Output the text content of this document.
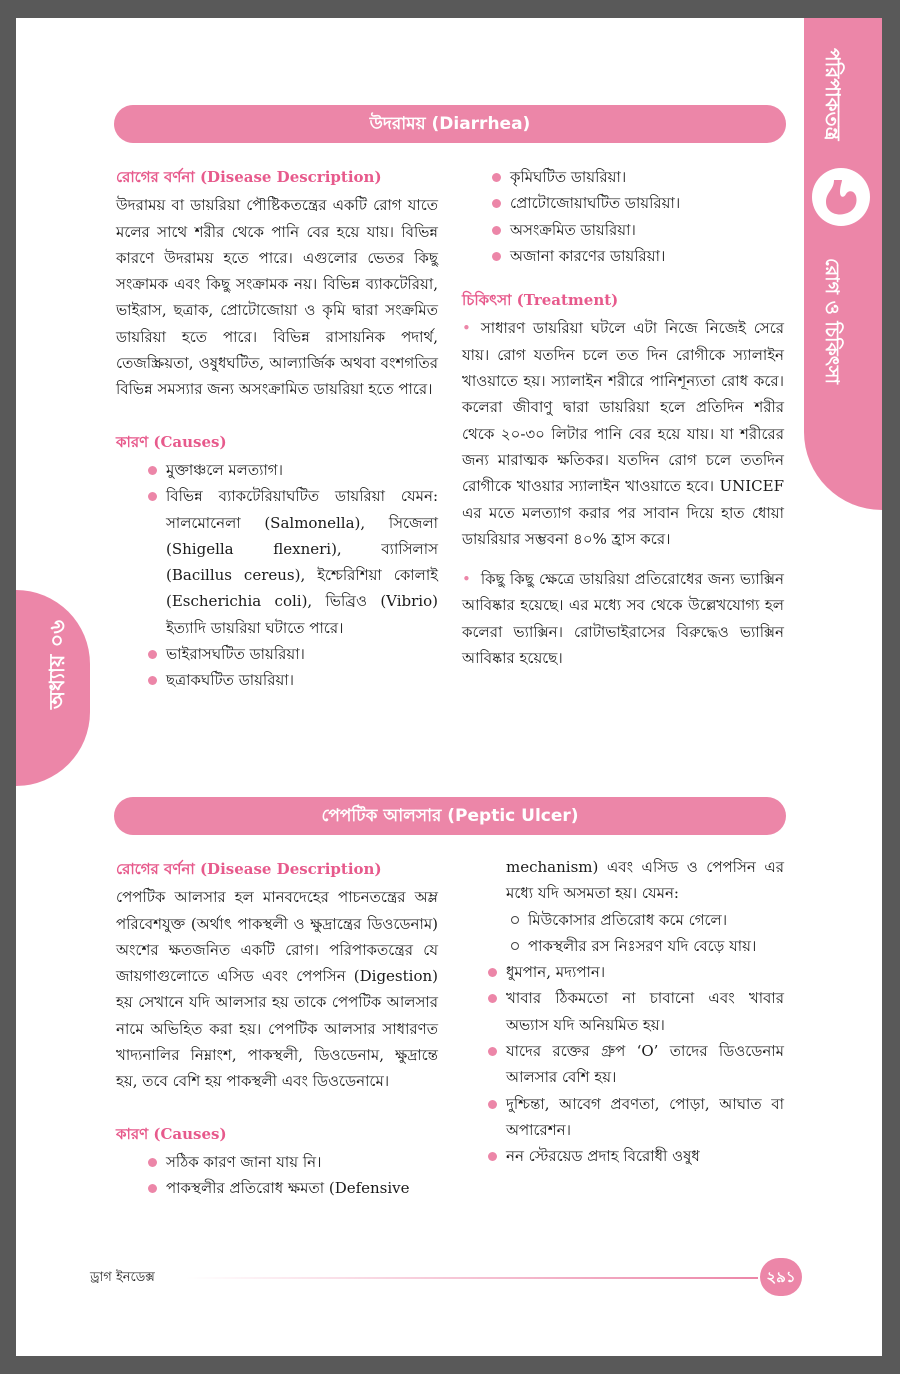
পরিপাকতন্ত্র
রোগ ও চিকিৎসা
অধ্যায় ০৬
উদরাময় (Diarrhea)
রোগের বর্ণনা (Disease Description)

উদরাময় বা ডায়রিয়া পৌষ্টিকতন্ত্রের একটি রোগ যাতে মলের সাথে শরীর থেকে পানি বের হয়ে যায়। বিভিন্ন কারণে উদরাময় হতে পারে। এগুলোর ভেতর কিছু সংক্রামক এবং কিছু সংক্রামক নয়। বিভিন্ন ব্যাকটেরিয়া, ভাইরাস, ছত্রাক, প্রোটোজোয়া ও কৃমি দ্বারা সংক্রমিত ডায়রিয়া হতে পারে। বিভিন্ন রাসায়নিক পদার্থ, তেজস্ক্রিয়তা, ওষুধঘটিত, আল্যার্জিক অথবা বংশগতির বিভিন্ন সমস্যার জন্য অসংক্রামিত ডায়রিয়া হতে পারে।

কারণ (Causes)
মুক্তাঞ্চলে মলত্যাগ।
বিভিন্ন ব্যাকটেরিয়াঘটিত ডায়রিয়া যেমন: সালমোনেলা (Salmonella), সিজেলা (Shigella flexneri), ব্যাসিলাস (Bacillus cereus), ইশ্চেরিশিয়া কোলাই (Escherichia coli), ভিব্রিও (Vibrio) ইত্যাদি ডায়রিয়া ঘটাতে পারে।
ভাইরাসঘটিত ডায়রিয়া।
ছত্রাকঘটিত ডায়রিয়া।
কৃমিঘটিত ডায়রিয়া।
প্রোটোজোয়াঘটিত ডায়রিয়া।
অসংক্রমিত ডায়রিয়া।
অজানা কারণের ডায়রিয়া।
চিকিৎসা (Treatment)

• সাধারণ ডায়রিয়া ঘটলে এটা নিজে নিজেই সেরে যায়। রোগ যতদিন চলে তত দিন রোগীকে স্যালাইন খাওয়াতে হয়। স্যালাইন শরীরে পানিশূন্যতা রোধ করে। কলেরা জীবাণু দ্বারা ডায়রিয়া হলে প্রতিদিন শরীর থেকে ২০-৩০ লিটার পানি বের হয়ে যায়। যা শরীরের জন্য মারাত্মক ক্ষতিকর। যতদিন রোগ চলে ততদিন রোগীকে খাওয়ার স্যালাইন খাওয়াতে হবে। UNICEF এর মতে মলত্যাগ করার পর সাবান দিয়ে হাত ধোয়া ডায়রিয়ার সম্ভবনা ৪০% হ্রাস করে।

• কিছু কিছু ক্ষেত্রে ডায়রিয়া প্রতিরোধের জন্য ভ্যাক্সিন আবিষ্কার হয়েছে। এর মধ্যে সব থেকে উল্লেখযোগ্য হল কলেরা ভ্যাক্সিন। রোটাভাইরাসের বিরুদ্ধেও ভ্যাক্সিন আবিষ্কার হয়েছে।

পেপটিক আলসার (Peptic Ulcer)
রোগের বর্ণনা (Disease Description)

পেপটিক আলসার হল মানবদেহের পাচনতন্ত্রের অম্ল পরিবেশযুক্ত (অর্থাৎ পাকস্থলী ও ক্ষুদ্রান্ত্রের ডিওডেনাম) অংশের ক্ষতজনিত একটি রোগ। পরিপাকতন্ত্রের যে জায়গাগুলোতে এসিড এবং পেপসিন (Digestion) হয় সেখানে যদি আলসার হয় তাকে পেপটিক আলসার নামে অভিহিত করা হয়। পেপটিক আলসার সাধারণত খাদ্যনালির নিম্নাংশ, পাকস্থলী, ডিওডেনাম, ক্ষুদ্রান্তে হয়, তবে বেশি হয় পাকস্থলী এবং ডিওডেনামে।

কারণ (Causes)
সঠিক কারণ জানা যায় নি।
পাকস্থলীর প্রতিরোধ ক্ষমতা (Defensive

mechanism) এবং এসিড ও পেপসিন এর মধ্যে যদি অসমতা হয়। যেমন:

মিউকোসার প্রতিরোধ কমে গেলে।
পাকস্থলীর রস নিঃসরণ যদি বেড়ে যায়।
ধুমপান, মদ্যপান।
খাবার ঠিকমতো না চাবানো এবং খাবার অভ্যাস যদি অনিয়মিত হয়।
যাদের রক্তের গ্রুপ ‘O’ তাদের ডিওডেনাম আলসার বেশি হয়।
দুশ্চিন্তা, আবেগ প্রবণতা, পোড়া, আঘাত বা অপারেশন।
নন স্টেরয়েড প্রদাহ বিরোধী ওষুধ
ড্রাগ ইনডেক্স	২৯১
